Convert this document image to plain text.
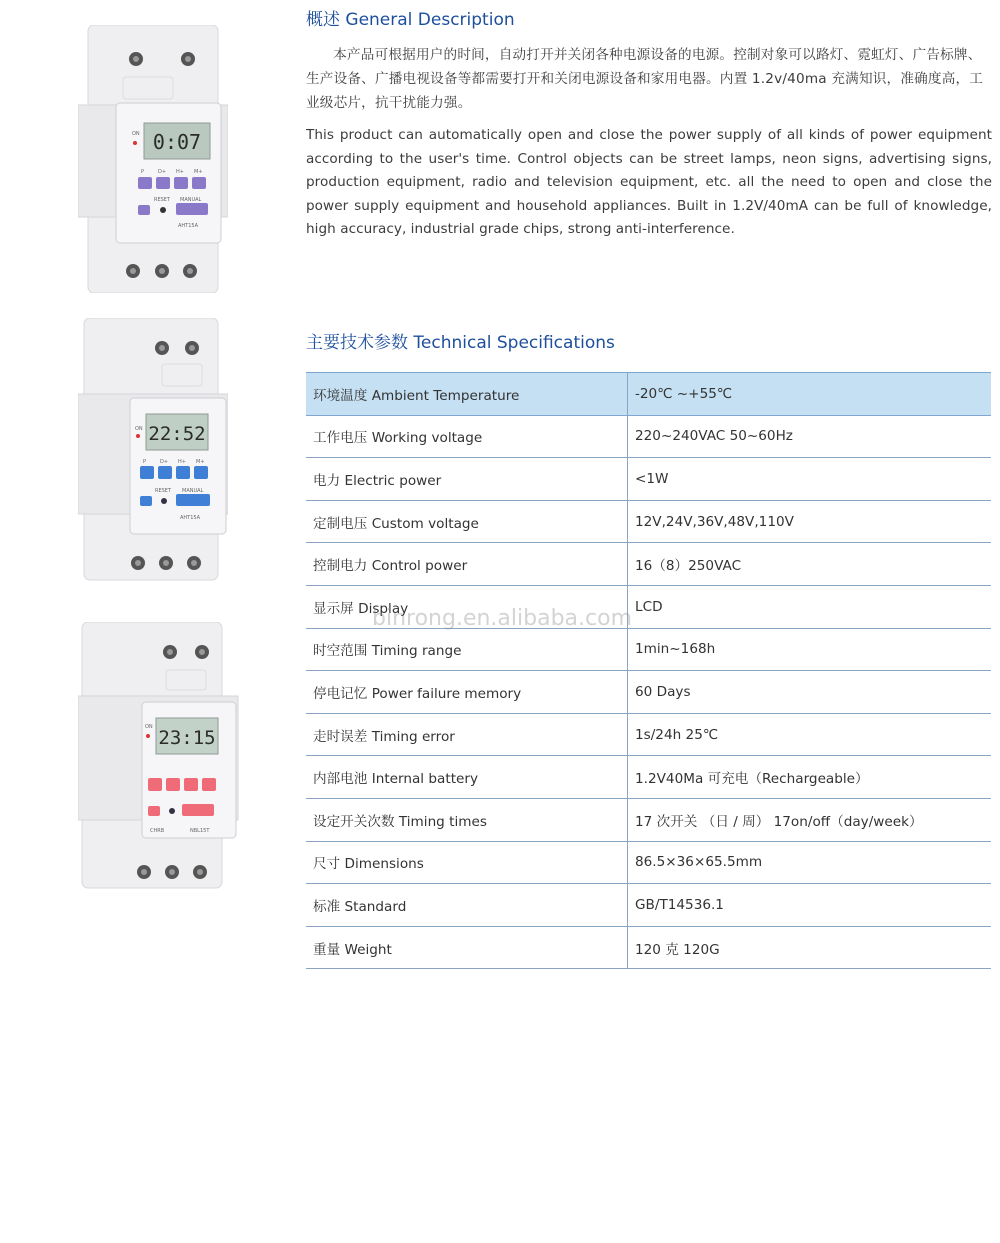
0:07
ON
P	D+ H+ M+
RESET MANUAL
AHT15A
22:52
ON
P	D+ H+ M+
RESET MANUAL
AHT15A
23:15
ON
CHRB	NBL15T
概述 General Description

本产品可根据用户的时间，自动打开并关闭各种电源设备的电源。控制对象可以路灯、霓虹灯、广告标牌、生产设备、广播电视设备等都需要打开和关闭电源设备和家用电器。内置 1.2v/40ma 充满知识，准确度高，工业级芯片，抗干扰能力强。

This product can automatically open and close the power supply of all kinds of power equipment according to the user's time. Control objects can be street lamps, neon signs, advertising signs, production equipment, radio and television equipment, etc. all the need to open and close the power supply equipment and household appliances. Built in 1.2V/40mA can be full of knowledge, high accuracy, industrial grade chips, strong anti-interference.

主要技术参数 Technical Specifications
环境温度 Ambient Temperature	-20℃ ~+55℃
工作电压 Working voltage	220~240VAC 50~60Hz
电力 Electric power	<1W
定制电压 Custom voltage	12V,24V,36V,48V,110V
控制电力 Control power	16（8）250VAC
显示屏 Display	LCD
时空范围 Timing range	1min~168h
停电记忆 Power failure memory	60 Days
走时误差 Timing error	1s/24h 25℃
内部电池 Internal battery	1.2V40Ma 可充电（Rechargeable）
设定开关次数 Timing times	17 次开关 （日 / 周） 17on/off（day/week）
尺寸 Dimensions	86.5×36×65.5mm
标准 Standard	GB/T14536.1
重量 Weight	120 克 120G
binrong.en.alibaba.com
